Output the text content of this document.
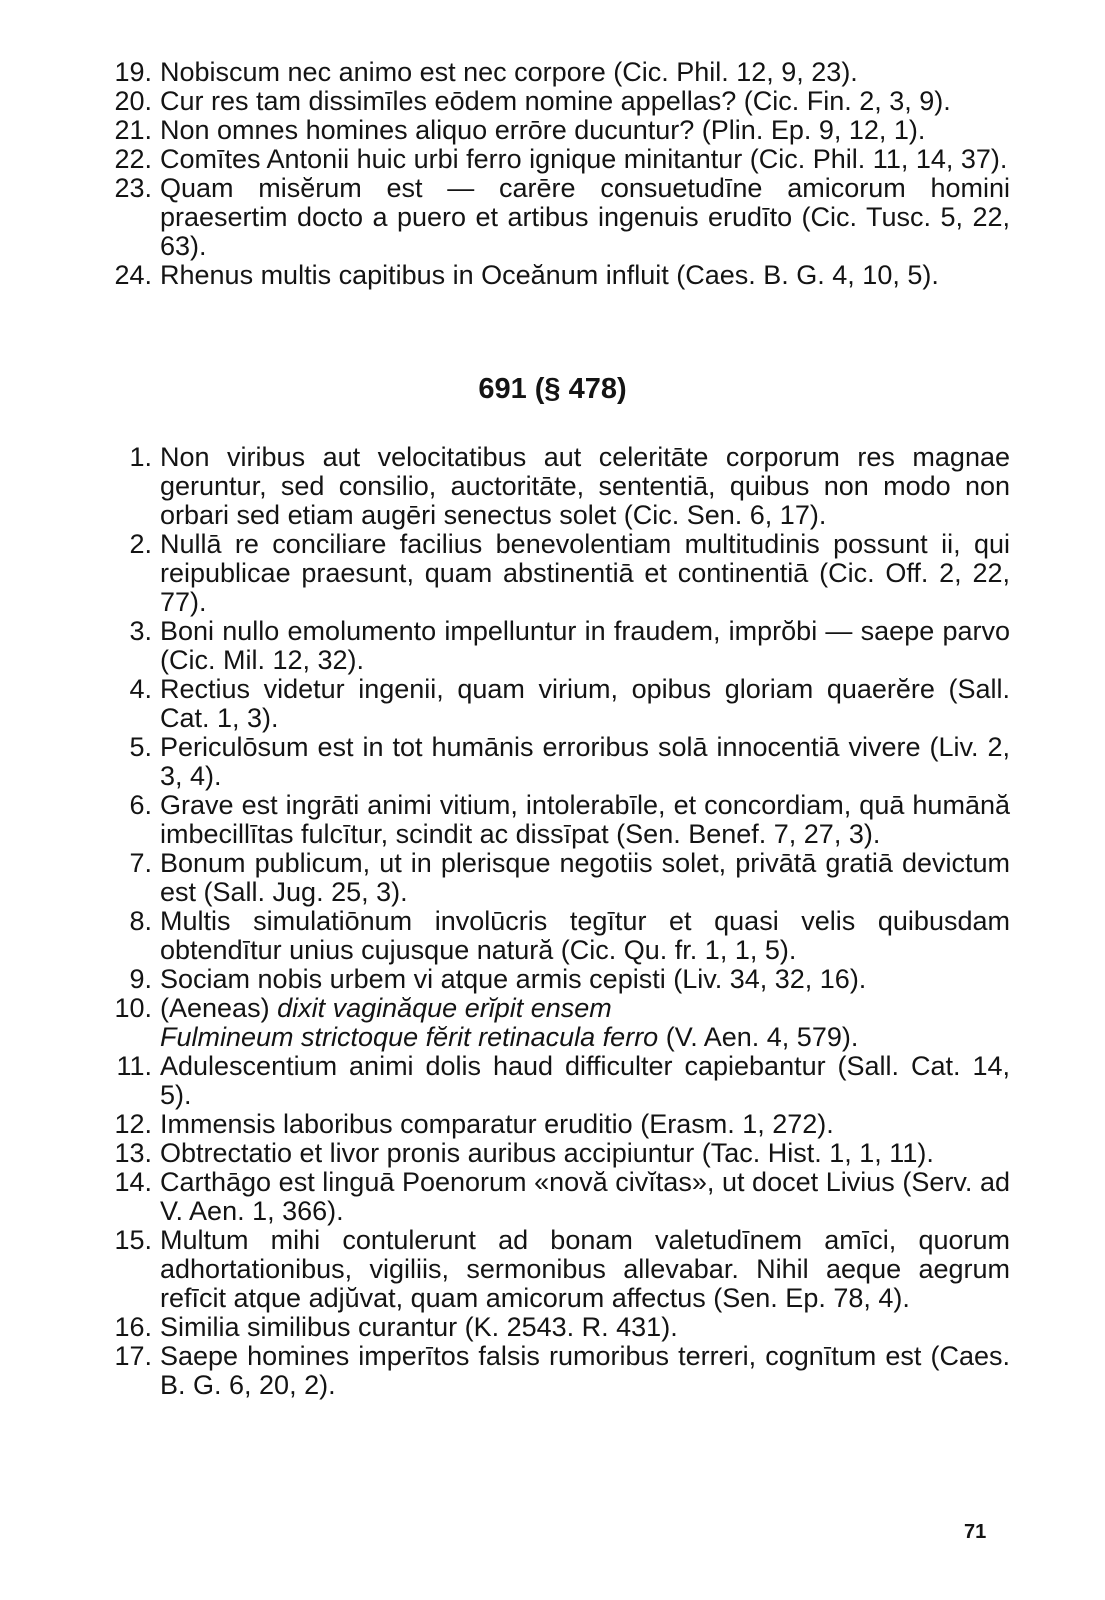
19. Nobiscum nec animo est nec corpore (Cic. Phil. 12, 9, 23).
20. Cur res tam dissimīles eōdem nomine appellas? (Cic. Fin. 2, 3, 9).
21. Non omnes homines aliquo errōre ducuntur? (Plin. Ep. 9, 12, 1).
22. Comītes Antonii huic urbi ferro ignique minitantur (Cic. Phil. 11, 14, 37).
23. Quam misĕrum est — carēre consuetudīne amicorum homini praesertim docto a puero et artibus ingenuis erudīto (Cic. Tusc. 5, 22, 63).
24. Rhenus multis capitibus in Oceănum influit (Caes. B. G. 4, 10, 5).
691 (§ 478)
1. Non viribus aut velocitatibus aut celeritāte corporum res magnae geruntur, sed consilio, auctoritāte, sententiā, quibus non modo non orbari sed etiam augēri senectus solet (Cic. Sen. 6, 17).
2. Nullā re conciliare facilius benevolentiam multitudinis possunt ii, qui reipublicae praesunt, quam abstinentiā et continentiā (Cic. Off. 2, 22, 77).
3. Boni nullo emolumento impelluntur in fraudem, imprŏbi — saepe parvo (Cic. Mil. 12, 32).
4. Rectius videtur ingenii, quam virium, opibus gloriam quaerĕre (Sall. Cat. 1, 3).
5. Periculōsum est in tot humānis erroribus solā innocentiā vivere (Liv. 2, 3, 4).
6. Grave est ingrāti animi vitium, intolerabīle, et concordiam, quā humānă imbecillītas fulcītur, scindit ac dissīpat (Sen. Benef. 7, 27, 3).
7. Bonum publicum, ut in plerisque negotiis solet, privātā gratiā devictum est (Sall. Jug. 25, 3).
8. Multis simulatiōnum involūcris tegītur et quasi velis quibusdam obtendītur unius cujusque natură (Cic. Qu. fr. 1, 1, 5).
9. Sociam nobis urbem vi atque armis cepisti (Liv. 34, 32, 16).
10. (Aeneas) dixit vaginăque erĭpit ensem
Fulmineum strictoque fĕrit retinacula ferro (V. Aen. 4, 579).
11. Adulescentium animi dolis haud difficulter capiebantur (Sall. Cat. 14, 5).
12. Immensis laboribus comparatur eruditio (Erasm. 1, 272).
13. Obtrectatio et livor pronis auribus accipiuntur (Tac. Hist. 1, 1, 11).
14. Carthāgo est linguā Poenorum «novă civĭtas», ut docet Livius (Serv. ad V. Aen. 1, 366).
15. Multum mihi contulerunt ad bonam valetudīnem amīci, quorum adhortationibus, vigiliis, sermonibus allevabar. Nihil aeque aegrum refīcit atque adjŭvat, quam amicorum affectus (Sen. Ep. 78, 4).
16. Similia similibus curantur (K. 2543. R. 431).
17. Saepe homines imperītos falsis rumoribus terreri, cognītum est (Caes. B. G. 6, 20, 2).
71
